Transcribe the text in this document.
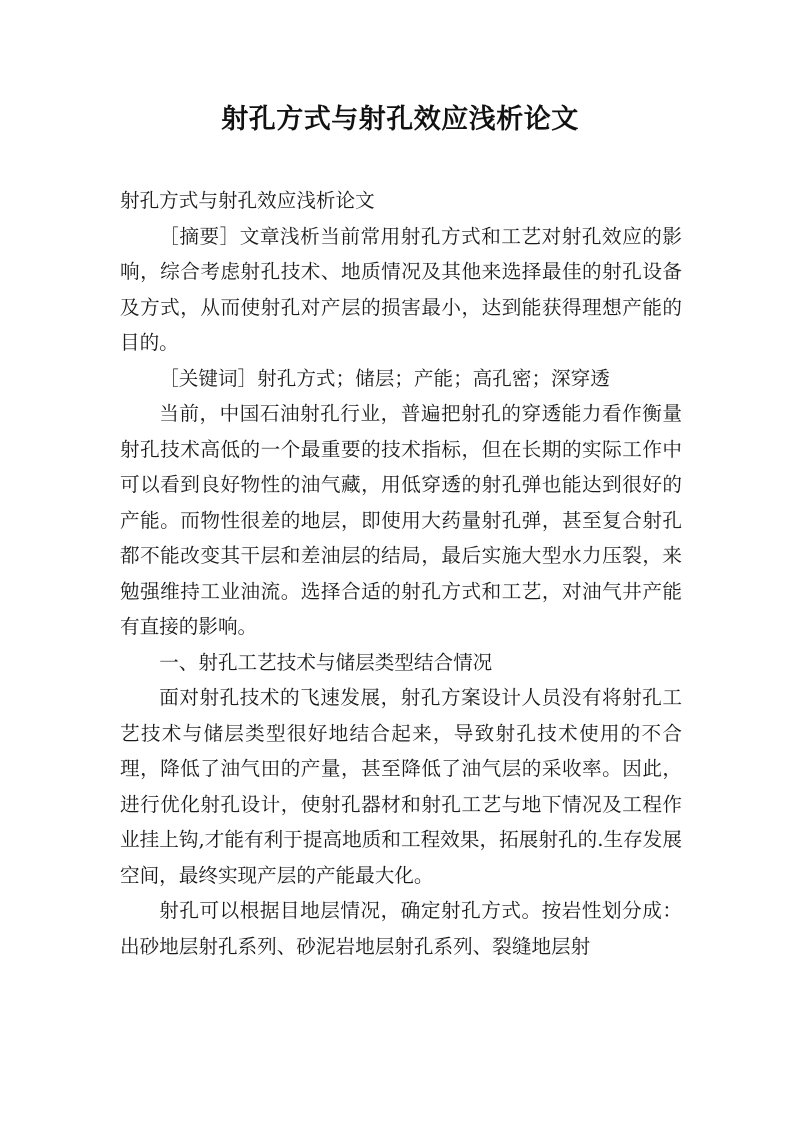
射孔方式与射孔效应浅析论文

射孔方式与射孔效应浅析论文

［摘要］文章浅析当前常用射孔方式和工艺对射孔效应的影响，综合考虑射孔技术、地质情况及其他来选择最佳的射孔设备及方式，从而使射孔对产层的损害最小，达到能获得理想产能的目的。

［关键词］射孔方式；储层；产能；高孔密；深穿透

当前，中国石油射孔行业，普遍把射孔的穿透能力看作衡量射孔技术高低的一个最重要的技术指标，但在长期的实际工作中可以看到良好物性的油气藏，用低穿透的射孔弹也能达到很好的产能。而物性很差的地层，即使用大药量射孔弹，甚至复合射孔都不能改变其干层和差油层的结局，最后实施大型水力压裂，来勉强维持工业油流。选择合适的射孔方式和工艺，对油气井产能有直接的影响。

一、射孔工艺技术与储层类型结合情况

面对射孔技术的飞速发展，射孔方案设计人员没有将射孔工艺技术与储层类型很好地结合起来，导致射孔技术使用的不合理，降低了油气田的产量，甚至降低了油气层的采收率。因此，进行优化射孔设计，使射孔器材和射孔工艺与地下情况及工程作业挂上钩,才能有利于提高地质和工程效果，拓展射孔的.生存发展空间，最终实现产层的产能最大化。

射孔可以根据目地层情况，确定射孔方式。按岩性划分成：出砂地层射孔系列、砂泥岩地层射孔系列、裂缝地层射
